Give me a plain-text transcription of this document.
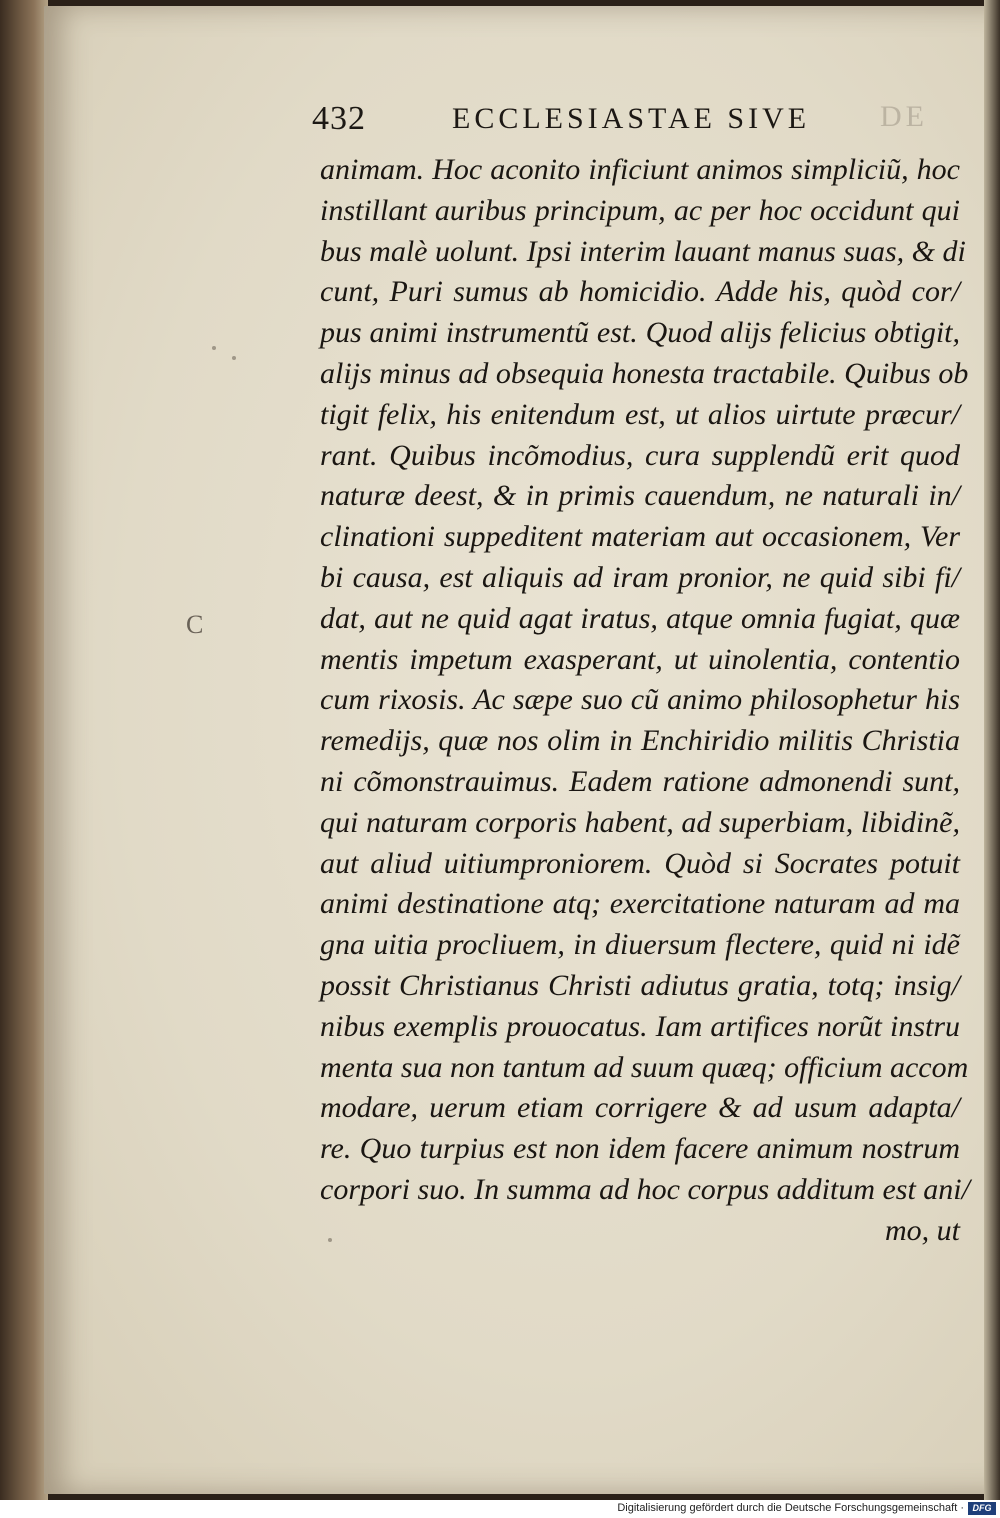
DE
432	ECCLESIASTAE SIVE
C
animam. Hoc aconito inficiunt animos simpliciũ, hoc
instillant auribus principum, ac per hoc occidunt qui
bus malè uolunt. Ipsi interim lauant manus suas, & di
cunt, Puri sumus ab homicidio. Adde his, quòd cor/
pus animi instrumentũ est. Quod alijs felicius obtigit,
alijs minus ad obsequia honesta tractabile. Quibus ob
tigit felix, his enitendum est, ut alios uirtute præcur/
rant. Quibus incõmodius, cura supplendũ erit quod
naturæ deest, & in primis cauendum, ne naturali in/
clinationi suppeditent materiam aut occasionem, Ver
bi causa, est aliquis ad iram pronior, ne quid sibi fi/
dat, aut ne quid agat iratus, atque omnia fugiat, quæ
mentis impetum exasperant, ut uinolentia, contentio
cum rixosis. Ac sæpe suo cũ animo philosophetur his
remedijs, quæ nos olim in Enchiridio militis Christia
ni cõmonstrauimus. Eadem ratione admonendi sunt,
qui naturam corporis habent, ad superbiam, libidinẽ,
aut aliud uitiumproniorem. Quòd si Socrates potuit
animi destinatione atq; exercitatione naturam ad ma
gna uitia procliuem, in diuersum flectere, quid ni idẽ
possit Christianus Christi adiutus gratia, totq; insig/
nibus exemplis prouocatus. Iam artifices norũt instru
menta sua non tantum ad suum quæq; officium accom
modare, uerum etiam corrigere & ad usum adapta/
re. Quo turpius est non idem facere animum nostrum
corpori suo. In summa ad hoc corpus additum est ani/
mo, ut
Digitalisierung gefördert durch die Deutsche Forschungsgemeinschaft · DFG
